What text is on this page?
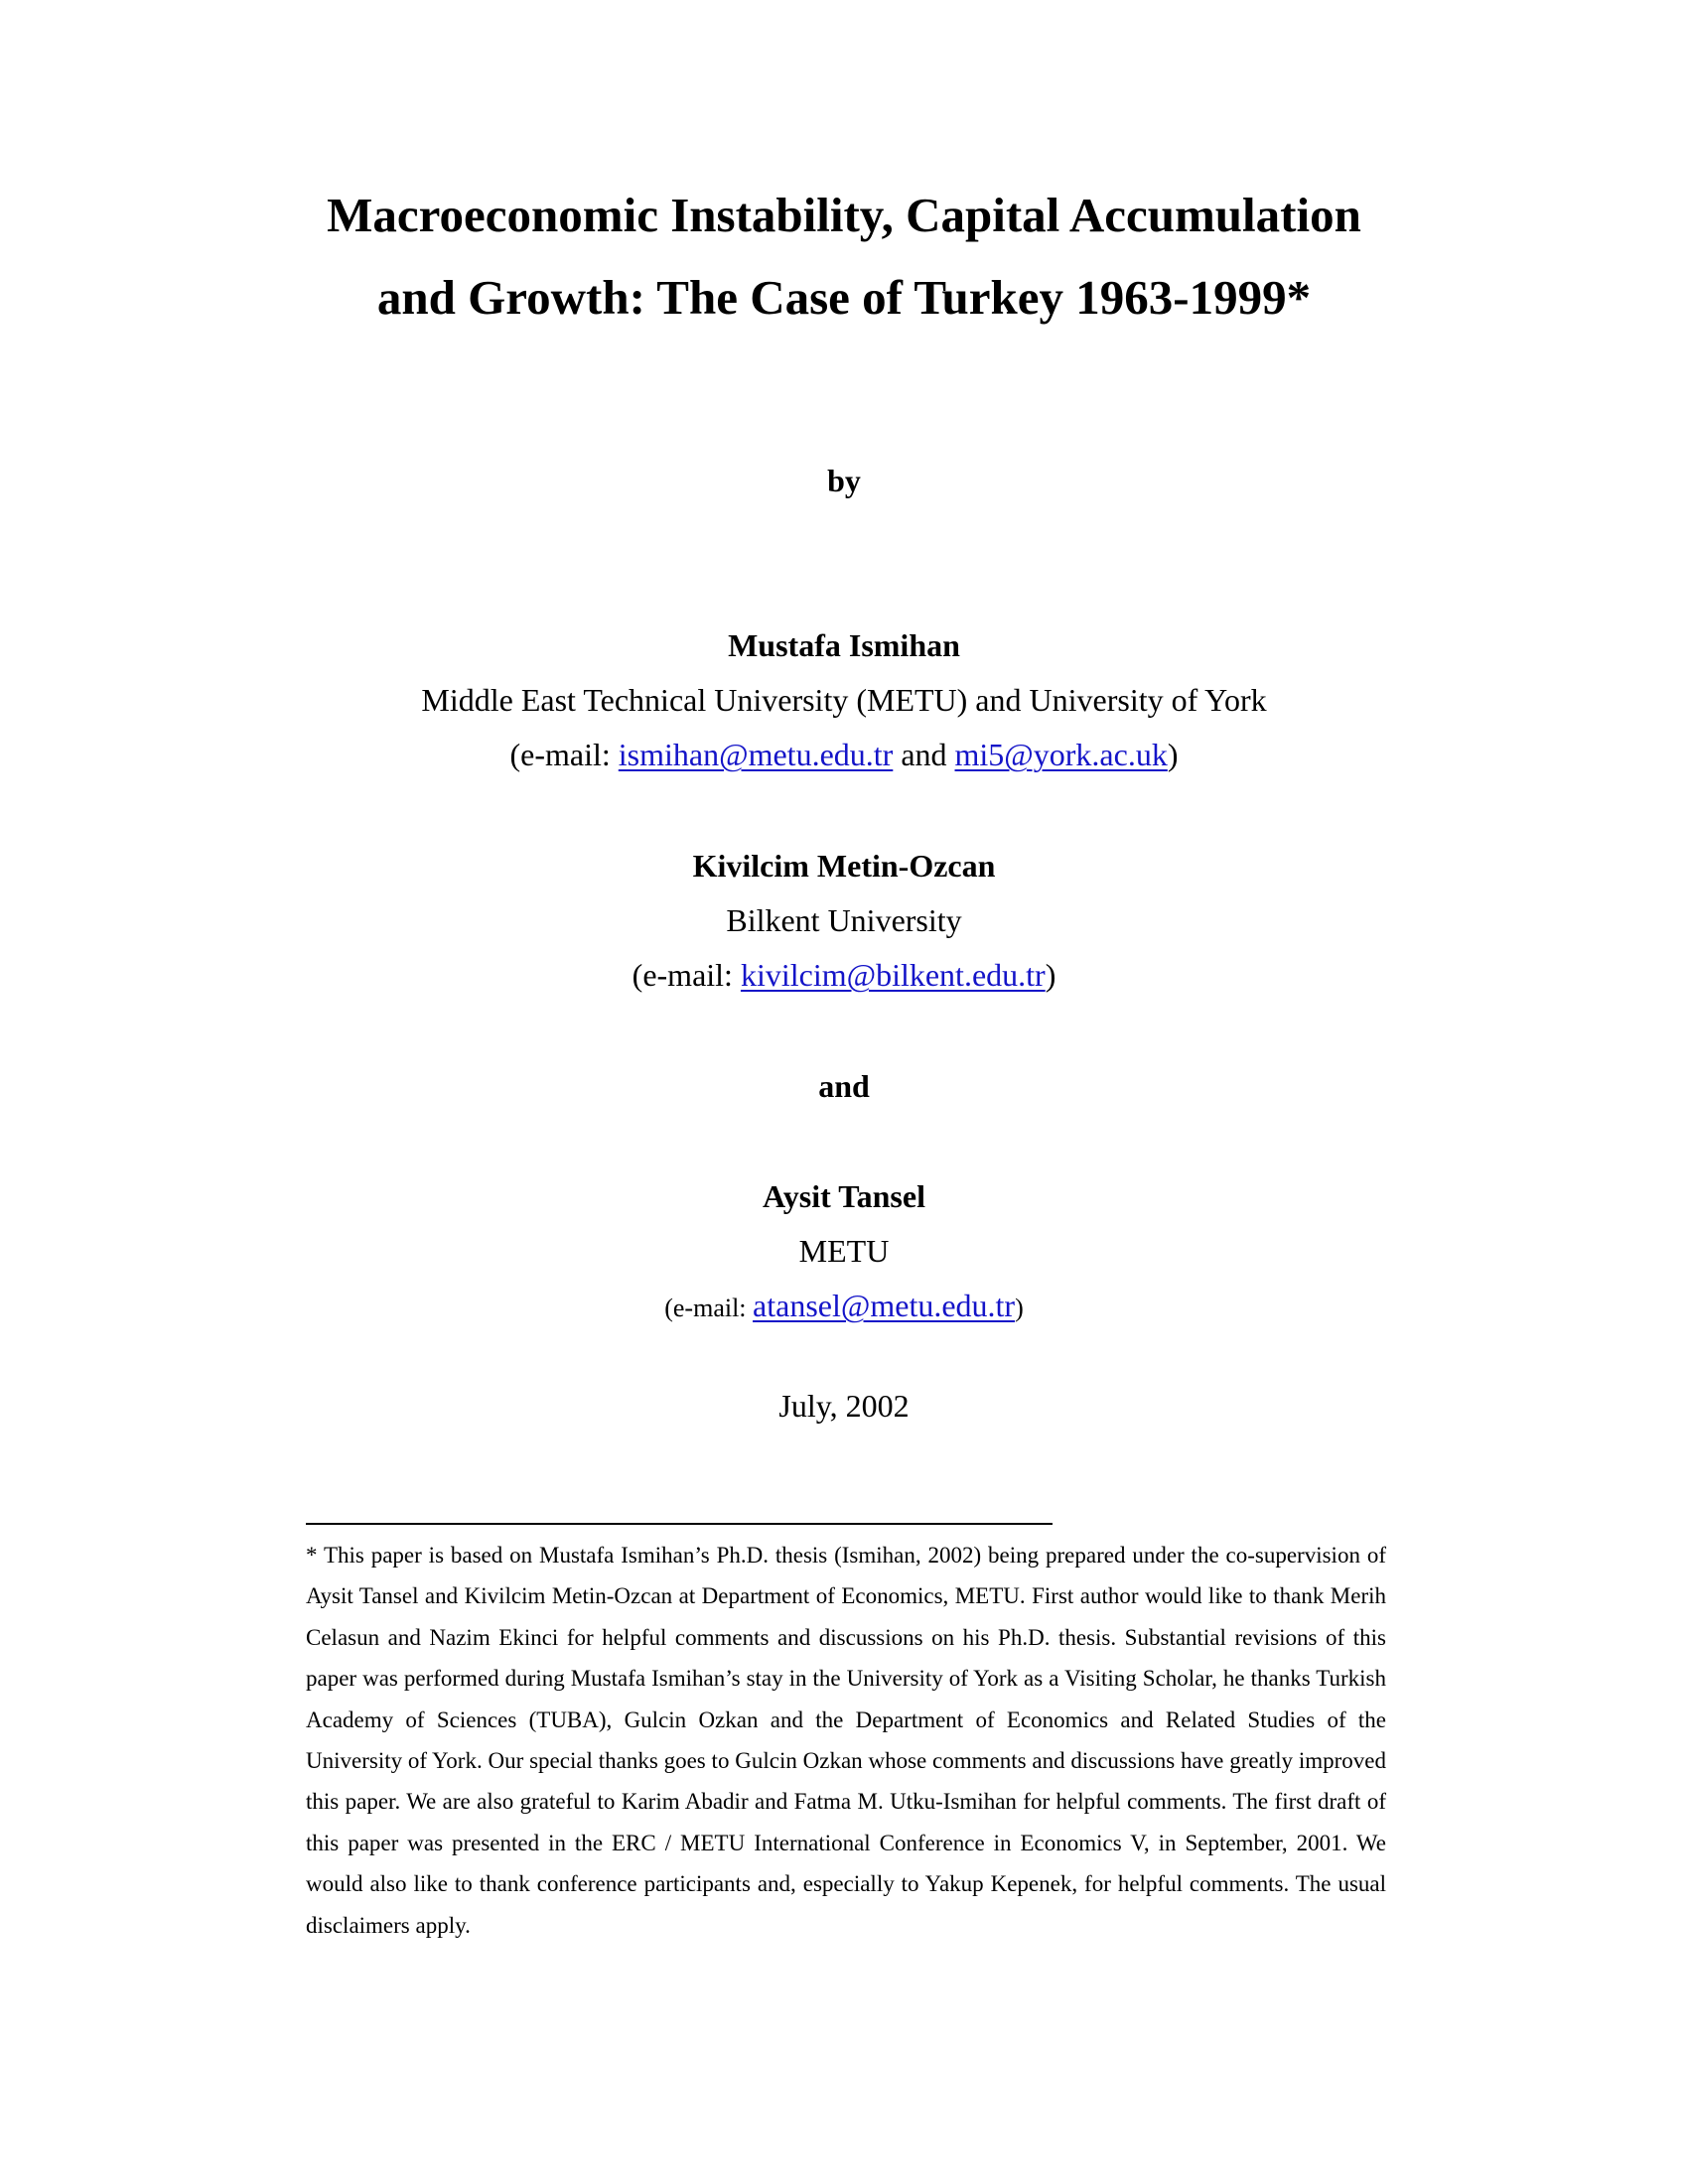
Macroeconomic Instability, Capital Accumulation
and Growth: The Case of Turkey 1963-1999*
by
Mustafa Ismihan
Middle East Technical University (METU) and University of York
(e-mail: ismihan@metu.edu.tr and mi5@york.ac.uk)
Kivilcim Metin-Ozcan
Bilkent University
(e-mail: kivilcim@bilkent.edu.tr)
and
Aysit Tansel
METU
(e-mail: atansel@metu.edu.tr)
July, 2002
* This paper is based on Mustafa Ismihan’s Ph.D. thesis (Ismihan, 2002) being prepared under the co-supervision of Aysit Tansel and Kivilcim Metin-Ozcan at Department of Economics, METU. First author would like to thank Merih Celasun and Nazim Ekinci for helpful comments and discussions on his Ph.D. thesis. Substantial revisions of this paper was performed during Mustafa Ismihan’s stay in the University of York as a Visiting Scholar, he thanks Turkish Academy of Sciences (TUBA), Gulcin Ozkan and the Department of Economics and Related Studies of the University of York. Our special thanks goes to Gulcin Ozkan whose comments and discussions have greatly improved this paper. We are also grateful to Karim Abadir and Fatma M. Utku-Ismihan for helpful comments. The first draft of this paper was presented in the ERC / METU International Conference in Economics V, in September, 2001. We would also like to thank conference participants and, especially to Yakup Kepenek, for helpful comments. The usual disclaimers apply.
